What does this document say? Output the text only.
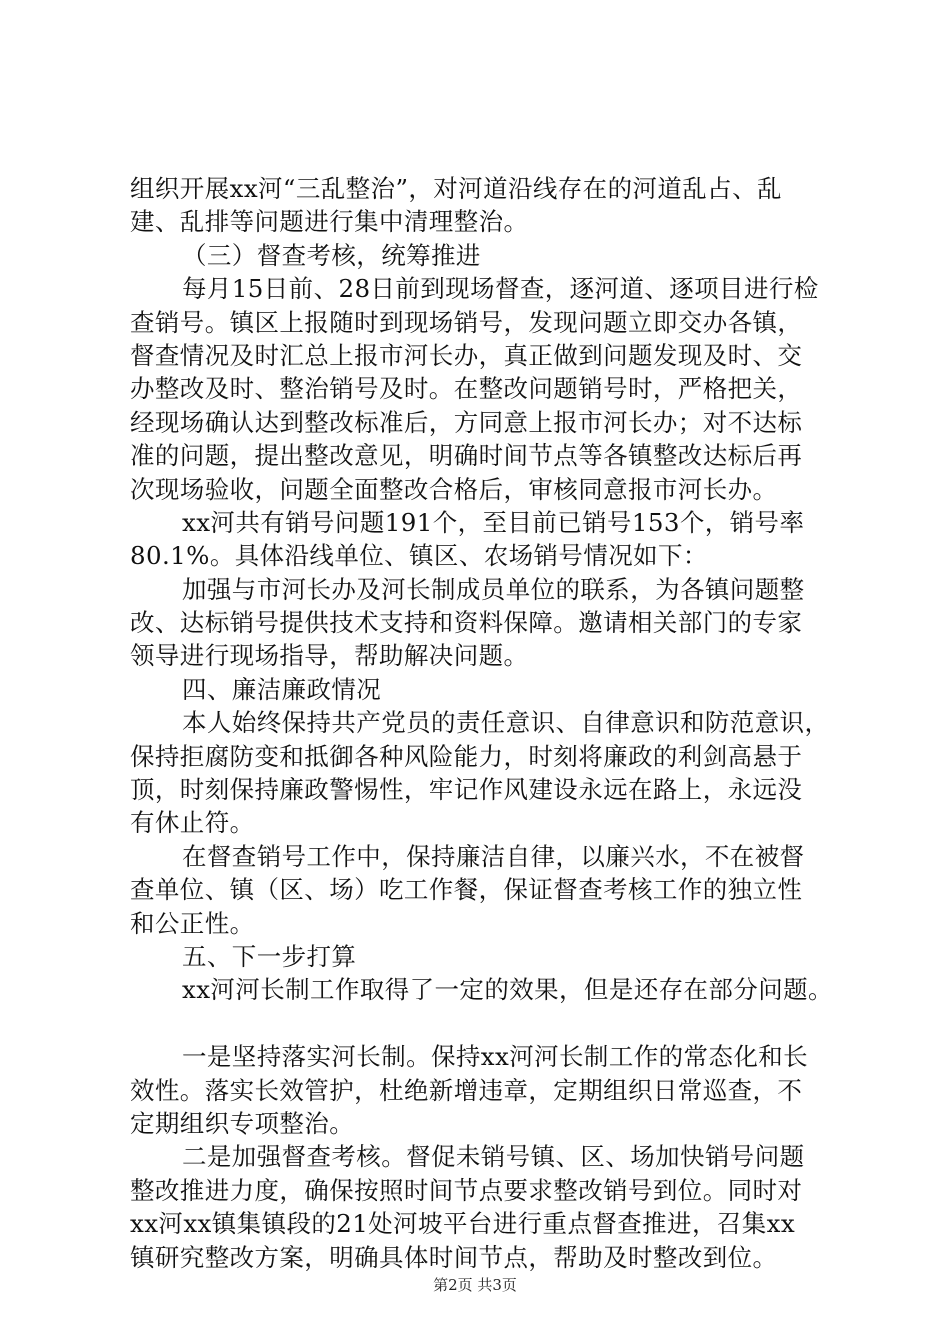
组织开展xx河“三乱整治”，对河道沿线存在的河道乱占、乱
建、乱排等问题进行集中清理整治。
（三）督查考核，统筹推进
每月15日前、28日前到现场督查，逐河道、逐项目进行检
查销号。镇区上报随时到现场销号，发现问题立即交办各镇，
督查情况及时汇总上报市河长办，真正做到问题发现及时、交
办整改及时、整治销号及时。在整改问题销号时，严格把关，
经现场确认达到整改标准后，方同意上报市河长办；对不达标
准的问题，提出整改意见，明确时间节点等各镇整改达标后再
次现场验收，问题全面整改合格后，审核同意报市河长办。
xx河共有销号问题191个，至目前已销号153个，销号率
80.1%。具体沿线单位、镇区、农场销号情况如下：
加强与市河长办及河长制成员单位的联系，为各镇问题整
改、达标销号提供技术支持和资料保障。邀请相关部门的专家
领导进行现场指导，帮助解决问题。
四、廉洁廉政情况
本人始终保持共产党员的责任意识、自律意识和防范意识，
保持拒腐防变和抵御各种风险能力，时刻将廉政的利剑高悬于
顶，时刻保持廉政警惕性，牢记作风建设永远在路上，永远没
有休止符。
在督查销号工作中，保持廉洁自律，以廉兴水，不在被督
查单位、镇（区、场）吃工作餐，保证督查考核工作的独立性
和公正性。
五、下一步打算
xx河河长制工作取得了一定的效果，但是还存在部分问题。
一是坚持落实河长制。保持xx河河长制工作的常态化和长
效性。落实长效管护，杜绝新增违章，定期组织日常巡查，不
定期组织专项整治。
二是加强督查考核。督促未销号镇、区、场加快销号问题
整改推进力度，确保按照时间节点要求整改销号到位。同时对
xx河xx镇集镇段的21处河坡平台进行重点督查推进，召集xx
镇研究整改方案，明确具体时间节点，帮助及时整改到位。
第2页 共3页
